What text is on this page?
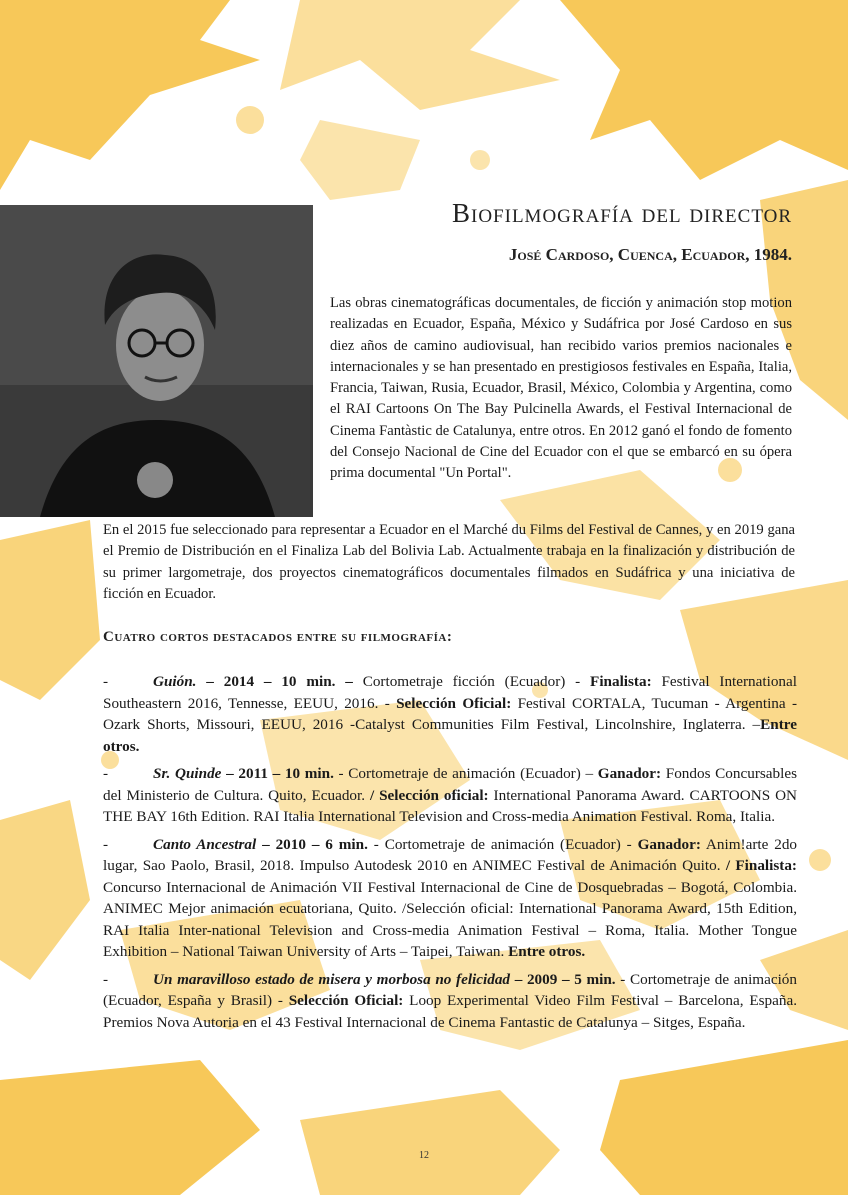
Biofilmografía del director
José Cardoso, Cuenca, Ecuador, 1984.

Las obras cinematográficas documentales, de ficción y animación stop motion realizadas en Ecuador, España, México y Sudáfrica por José Cardoso en sus diez años de camino audiovisual, han recibido varios premios nacionales e internacionales y se han presentado en prestigiosos festivales en España, Italia, Francia, Taiwan, Rusia, Ecuador, Brasil, México, Colombia y Argentina, como el RAI Cartoons On The Bay Pulcinella Awards, el Festival Internacional de Cinema Fantàstic de Catalunya, entre otros. En 2012 ganó el fondo de fomento del Consejo Nacional de Cine del Ecuador con el que se embarcó en su ópera prima documental "Un Portal".

En el 2015 fue seleccionado para representar a Ecuador en el Marché du Films del Festival de Cannes, y en 2019 gana el Premio de Distribución en el Finaliza Lab del Bolivia Lab. Actualmente trabaja en la finalización y distribución de su primer largometraje, dos proyectos cinematográficos documentales filmados en Sudáfrica y una iniciativa de ficción en Ecuador.

Cuatro cortos destacados entre su filmografía:

-	Guión. – 2014 – 10 min. – Cortometraje ficción (Ecuador) - Finalista: Festival International Southeastern 2016, Tennesse, EEUU, 2016. - Selección Oficial: Festival CORTALA, Tucuman - Argentina - Ozark Shorts, Missouri, EEUU, 2016 -Catalyst Communities Film Festival, Lincolnshire, Inglaterra. –Entre otros.

-	Sr. Quinde – 2011 – 10 min. - Cortometraje de animación (Ecuador) – Ganador: Fondos Concursables del Ministerio de Cultura. Quito, Ecuador. / Selección oficial: International Panorama Award. CARTOONS ON THE BAY 16th Edition. RAI Italia International Television and Cross-media Animation Festival. Roma, Italia.

-	Canto Ancestral – 2010 – 6 min. - Cortometraje de animación (Ecuador) - Ganador: Anim!arte 2do lugar, Sao Paolo, Brasil, 2018. Impulso Autodesk 2010 en ANIMEC Festival de Animación Quito. / Finalista: Concurso Internacional de Animación VII Festival Internacional de Cine de Dosquebradas – Bogotá, Colombia. ANIMEC Mejor animación ecuatoriana, Quito. /Selección oficial: International Panorama Award, 15th Edition, RAI Italia Inter-national Television and Cross-media Animation Festival – Roma, Italia. Mother Tongue Exhibition – National Taiwan University of Arts – Taipei, Taiwan. Entre otros.

-	Un maravilloso estado de misera y morbosa no felicidad – 2009 – 5 min. - Cortometraje de animación (Ecuador, España y Brasil) - Selección Oficial: Loop Experimental Video Film Festival – Barcelona, España. Premios Nova Autoria en el 43 Festival Internacional de Cinema Fantastic de Catalunya – Sitges, España.

12
